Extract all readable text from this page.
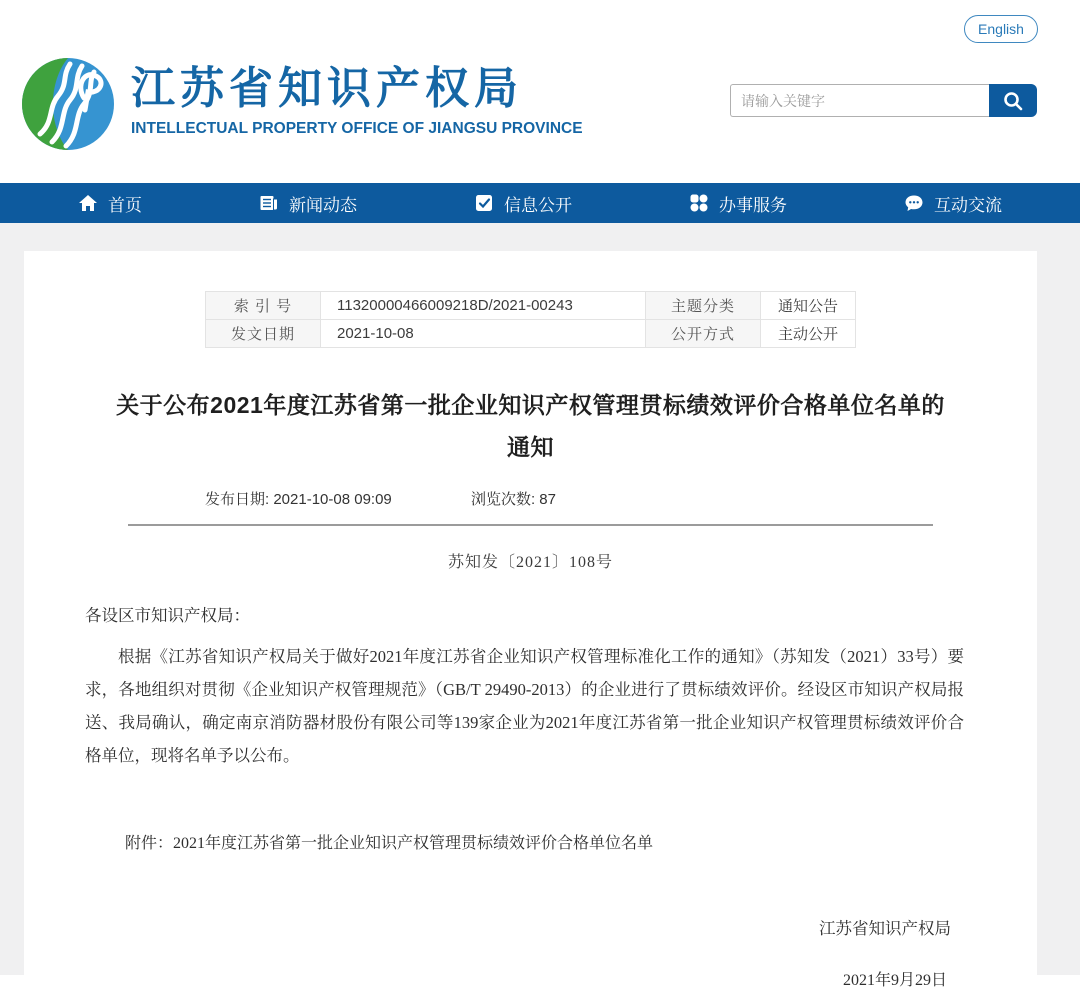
English
江苏省知识产权局
INTELLECTUAL PROPERTY OFFICE OF JIANGSU PROVINCE
请输入关键字
首页	新闻动态	信息公开	办事服务	互动交流
索 引 号	11320000466009218D/2021-00243	主题分类	通知公告
发文日期	2021-10-08	公开方式	主动公开
关于公布2021年度江苏省第一批企业知识产权管理贯标绩效评价合格单位名单的
通知
发布日期: 2021-10-08 09:09	浏览次数: 87
苏知发〔2021〕108号
各设区市知识产权局：

根据《江苏省知识产权局关于做好2021年度江苏省企业知识产权管理标准化工作的通知》（苏知发（2021）33号）要求，各地组织对贯彻《企业知识产权管理规范》（GB/T 29490-2013）的企业进行了贯标绩效评价。经设区市知识产权局报送、我局确认，确定南京消防器材股份有限公司等139家企业为2021年度江苏省第一批企业知识产权管理贯标绩效评价合格单位，现将名单予以公布。

附件：2021年度江苏省第一批企业知识产权管理贯标绩效评价合格单位名单

江苏省知识产权局
2021年9月29日
